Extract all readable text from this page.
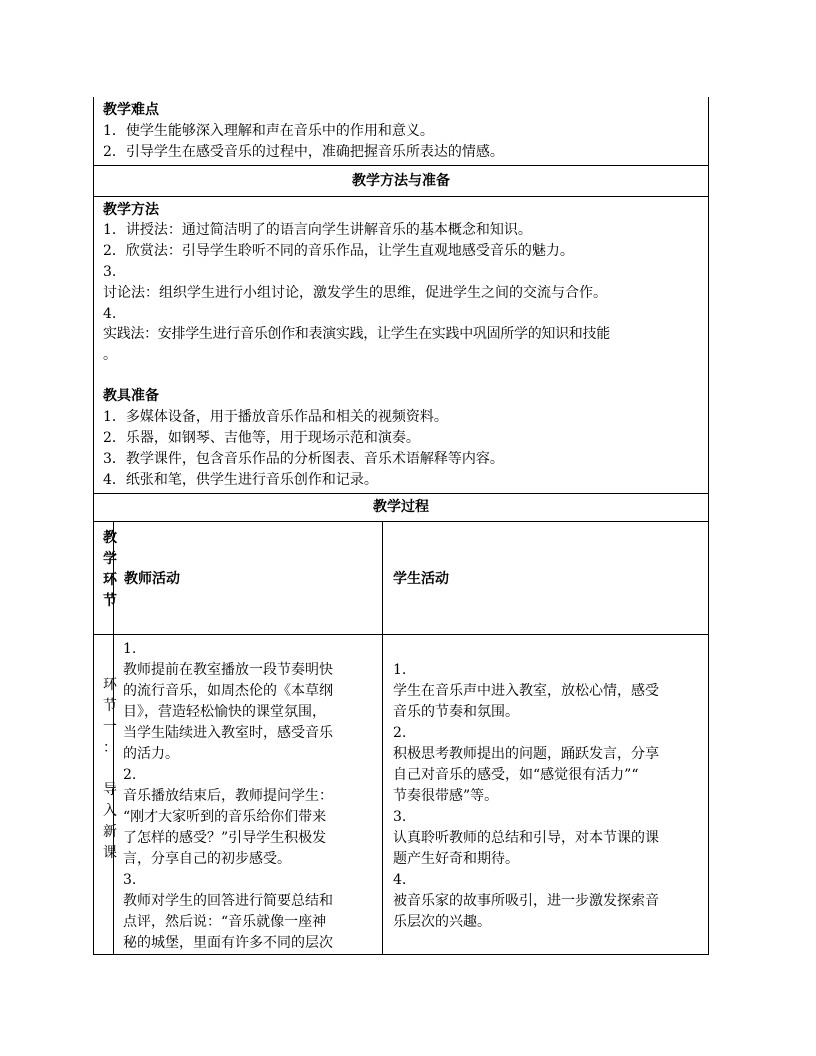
教学难点
1．使学生能够深入理解和声在音乐中的作用和意义。
2．引导学生在感受音乐的过程中，准确把握音乐所表达的情感。
教学方法与准备
教学方法
1．讲授法：通过简洁明了的语言向学生讲解音乐的基本概念和知识。
2．欣赏法：引导学生聆听不同的音乐作品，让学生直观地感受音乐的魅力。
3.
讨论法：组织学生进行小组讨论，激发学生的思维，促进学生之间的交流与合作。
4.
实践法：安排学生进行音乐创作和表演实践，让学生在实践中巩固所学的知识和技能
。
教具准备
1．多媒体设备，用于播放音乐作品和相关的视频资料。
2．乐器，如钢琴、吉他等，用于现场示范和演奏。
3．教学课件，包含音乐作品的分析图表、音乐术语解释等内容。
4．纸张和笔，供学生进行音乐创作和记录。
教学过程
教
学
环
节
教师活动	学生活动
环
节
一
：
导
入
新
课
1.
教师提前在教室播放一段节奏明快
的流行音乐，如周杰伦的《本草纲
目》，营造轻松愉快的课堂氛围，
当学生陆续进入教室时，感受音乐
的活力。
2.
音乐播放结束后，教师提问学生：
“刚才大家听到的音乐给你们带来
了怎样的感受？”引导学生积极发
言，分享自己的初步感受。
3.
教师对学生的回答进行简要总结和
点评，然后说：“音乐就像一座神
秘的城堡，里面有许多不同的层次
1.
学生在音乐声中进入教室，放松心情，感受
音乐的节奏和氛围。
2.
积极思考教师提出的问题，踊跃发言，分享
自己对音乐的感受，如“感觉很有活力”“
节奏很带感”等。
3.
认真聆听教师的总结和引导，对本节课的课
题产生好奇和期待。
4.
被音乐家的故事所吸引，进一步激发探索音
乐层次的兴趣。
